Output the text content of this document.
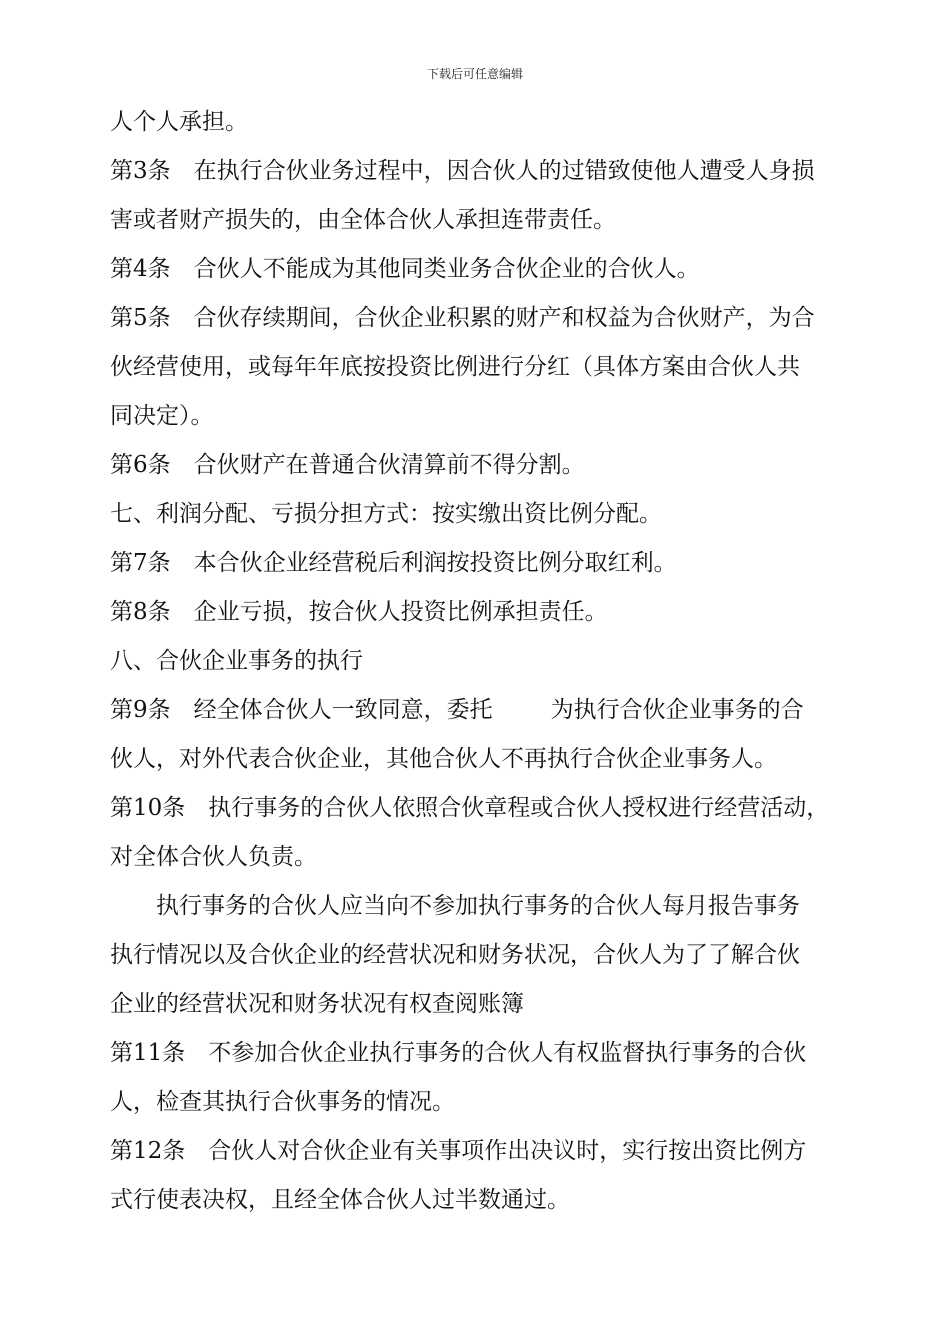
下载后可任意编辑
人个人承担。
第3条　在执行合伙业务过程中，因合伙人的过错致使他人遭受人身损
害或者财产损失的，由全体合伙人承担连带责任。
第4条　合伙人不能成为其他同类业务合伙企业的合伙人。
第5条　合伙存续期间，合伙企业积累的财产和权益为合伙财产，为合
伙经营使用，或每年年底按投资比例进行分红（具体方案由合伙人共
同决定）。
第6条　合伙财产在普通合伙清算前不得分割。
七、利润分配、亏损分担方式：按实缴出资比例分配。
第7条　本合伙企业经营税后利润按投资比例分取红利。
第8条　企业亏损，按合伙人投资比例承担责任。
八、合伙企业事务的执行
第9条　经全体合伙人一致同意，委托	为执行合伙企业事务的合
伙人，对外代表合伙企业，其他合伙人不再执行合伙企业事务人。
第10条　执行事务的合伙人依照合伙章程或合伙人授权进行经营活动，
对全体合伙人负责。
执行事务的合伙人应当向不参加执行事务的合伙人每月报告事务
执行情况以及合伙企业的经营状况和财务状况，合伙人为了了解合伙
企业的经营状况和财务状况有权查阅账簿
第11条　不参加合伙企业执行事务的合伙人有权监督执行事务的合伙
人，检查其执行合伙事务的情况。
第12条　合伙人对合伙企业有关事项作出决议时，实行按出资比例方
式行使表决权，且经全体合伙人过半数通过。
